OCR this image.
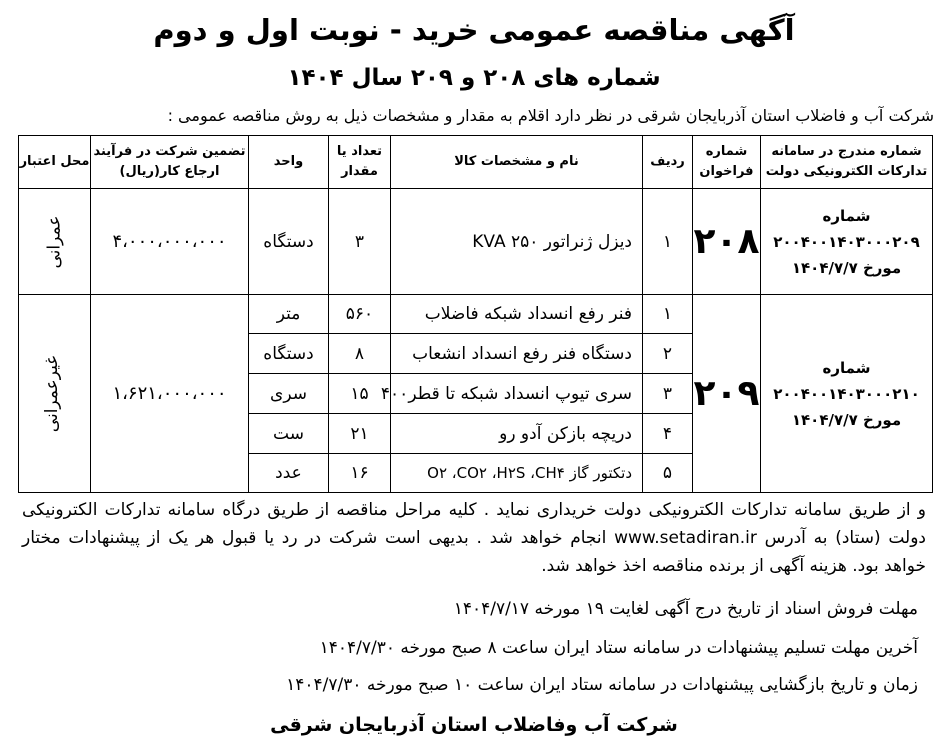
آگهی مناقصه عمومی خرید - نوبت اول و دوم
شماره های ۲۰۸ و ۲۰۹ سال ۱۴۰۴
شرکت آب و فاضلاب استان آذربایجان شرقی در نظر دارد اقلام به مقدار و مشخصات ذیل به روش مناقصه عمومی :
شماره مندرج در سامانه تدارکات الکترونیکی دولت	شماره فراخوان	ردیف	نام و مشخصات کالا	تعداد یا مقدار	واحد	تضمین شرکت در فرآیند ارجاع کار(ریال)	محل اعتبار

شماره
۲۰۰۴۰۰۱۴۰۳۰۰۰۲۰۹
مورخ ۱۴۰۴/۷/۷	۲۰۸	۱	دیزل ژنراتور KVA ۲۵۰	۳	دستگاه	۴،۰۰۰،۰۰۰،۰۰۰	عمرانی

شماره
۲۰۰۴۰۰۱۴۰۳۰۰۰۲۱۰
مورخ ۱۴۰۴/۷/۷	۲۰۹	۱	فنر رفع انسداد شبکه فاضلاب	۵۶۰	متر	۱،۶۲۱،۰۰۰،۰۰۰	غیرعمرانی
		۲	دستگاه فنر رفع انسداد انشعاب	۸	دستگاه		
		۳	سری تیوپ انسداد شبکه تا قطر۴۰۰	۱۵	سری		
		۴	دریچه بازکن آدو رو	۲۱	ست		
		۵	دتکتور گاز O۲ ،CO۲ ،H۲S ،CH۴	۱۶	عدد		
و از طریق سامانه تدارکات الکترونیکی دولت خریداری نماید . کلیه مراحل مناقصه از طریق درگاه سامانه تدارکات الکترونیکی دولت (ستاد) به آدرس www.setadiran.ir انجام خواهد شد . بدیهی است شرکت در رد یا قبول هر یک از پیشنهادات مختار خواهد بود. هزینه آگهی از برنده مناقصه اخذ خواهد شد.
مهلت فروش اسناد از تاریخ درج آگهی لغایت ۱۹ مورخه ۱۴۰۴/۷/۱۷
آخرین مهلت تسلیم پیشنهادات در سامانه ستاد ایران ساعت ۸ صبح مورخه ۱۴۰۴/۷/۳۰
زمان و تاریخ بازگشایی پیشنهادات در سامانه ستاد ایران ساعت ۱۰ صبح مورخه ۱۴۰۴/۷/۳۰
شرکت آب وفاضلاب استان آذربایجان شرقی
